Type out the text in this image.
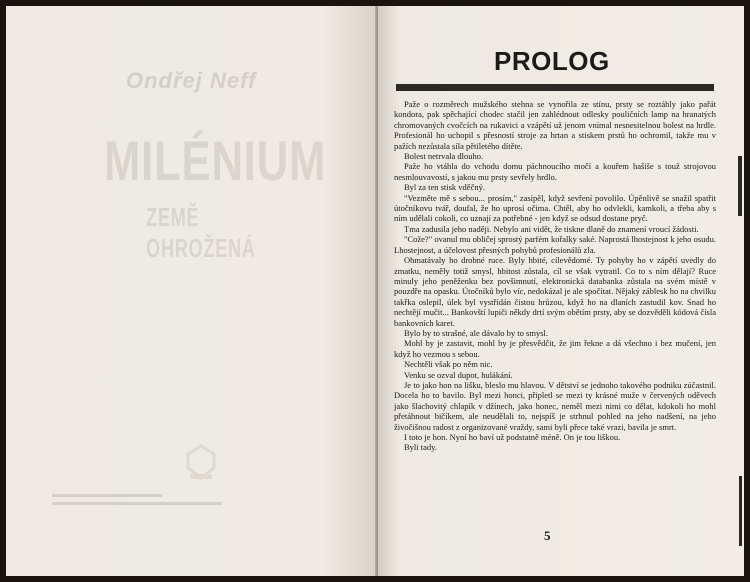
Ondřej Neff
MILÉNIUM
ZEMĚ OHROŽENÁ
PROLOG

Paže o rozměrech mužského stehna se vynořila ze stínu, prsty se roztáhly jako pařát kondora, pak spěchající chodec stačil jen zahlédnout odlesky pouličních lamp na hranatých chromovaných cvočcích na rukavici a vzápětí už jenom vnímal nesnesitelnou bolest na hrdle. Profesionál ho uchopil s přesností stroje za hrtan a stiskem prstů ho ochromil, takže mu v pažích nezůstala síla pětiletého dítěte.

Bolest netrvala dlouho.

Paže ho vtáhla do vchodu domu páchnoucího močí a kouřem hašiše s touž strojovou nesmlouvavostí, s jakou mu prsty sevřely hrdlo.

Byl za ten stisk vděčný.

"Vezměte mě s sebou... prosím," zasípěl, když sevření povolilo. Úpěnlivě se snažil spatřit útočníkovu tvář, doufal, že ho uprosí očima. Chtěl, aby ho odvlekli, kamkoli, a třeba aby s ním udělali cokoli, co uznají za potřebné - jen když se odsud dostane pryč.

Tma zadusila jeho naději. Nebylo ani vidět, že tiskne dlaně do znamení vroucí žádosti.

"Cože?" ovanul mu obličej sprostý parfém kořalky saké. Naprostá lhostejnost k jeho osudu. Lhostejnost, a účelovost přesných pohybů profesionálů zla.

Ohmatávaly ho drobné ruce. Byly hbité, cílevědomé. Ty pohyby ho v zápětí uvedly do zmatku, neměly totiž smysl, hbitost zůstala, cíl se však vytratil. Co to s ním dělají? Ruce minuly jeho peněženku bez povšimnutí, elektronická databanka zůstala na svém místě v pouzdře na opasku. Útočníků bylo víc, nedokázal je ale spočítat. Nějaký záblesk ho na chvilku takřka oslepil, úlek byl vystřídán čistou hrůzou, když ho na dlaních zastudil kov. Snad ho nechtějí mučit... Bankovští lupiči někdy drtí svým obětím prsty, aby se dozvěděli kódová čísla bankovních karet.

Bylo by to strašné, ale dávalo by to smysl.

Mohl by je zastavit, mohl by je přesvědčit, že jim řekne a dá všechno i bez mučení, jen když ho vezmou s sebou.

Nechtěli však po něm nic.

Venku se ozval dupot, hulákání.

Je to jako hon na lišku, bleslo mu hlavou. V dětství se jednoho takového podniku zúčastnil. Docela ho to bavilo. Byl mezi honci, připletl se mezi ty krásné muže v červených oděvech jako šlachovitý chlapík v džínech, jako honec, neměl mezi nimi co dělat, kdokoli ho mohl přetáhnout bičíkem, ale neudělali to, nejspíš je strhnul pohled na jeho nadšení, na jeho živočišnou radost z organizované vraždy, sami byli přece také vrazi, bavila je smrt.

I toto je hon. Nyní ho baví už podstatně méně. On je tou liškou.

Byli tady.

5
